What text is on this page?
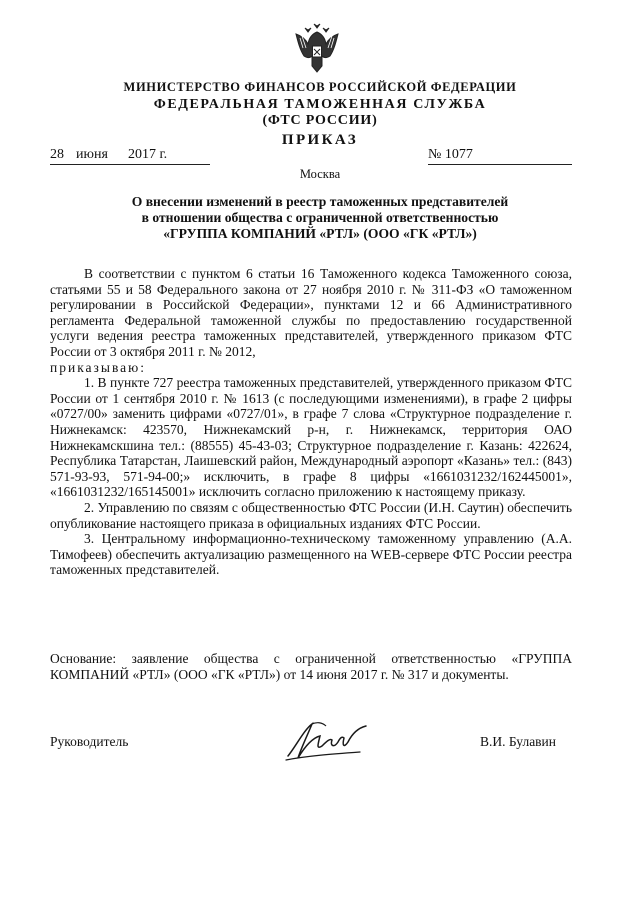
МИНИСТЕРСТВО ФИНАНСОВ РОССИЙСКОЙ ФЕДЕРАЦИИ
ФЕДЕРАЛЬНАЯ ТАМОЖЕННАЯ СЛУЖБА
(ФТС РОССИИ)
ПРИКАЗ
28 июня 2017 г.	№ 1077
Москва
О внесении изменений в реестр таможенных представителей
в отношении общества с ограниченной ответственностью
«ГРУППА КОМПАНИЙ «РТЛ» (ООО «ГК «РТЛ»)

В соответствии с пунктом 6 статьи 16 Таможенного кодекса Таможенного союза, статьями 55 и 58 Федерального закона от 27 ноября 2010 г. № 311-ФЗ «О таможенном регулировании в Российской Федерации», пунктами 12 и 66 Административного регламента Федеральной таможенной службы по предоставлению государственной услуги ведения реестра таможенных представителей, утвержденного приказом ФТС России от 3 октября 2011 г. № 2012,

приказываю:

1. В пункте 727 реестра таможенных представителей, утвержденного приказом ФТС России от 1 сентября 2010 г. № 1613 (с последующими изменениями), в графе 2 цифры «0727/00» заменить цифрами «0727/01», в графе 7 слова «Структурное подразделение г. Нижнекамск: 423570, Нижнекамский р-н, г. Нижнекамск, территория ОАО Нижнекамскшина тел.: (88555) 45-43-03; Структурное подразделение г. Казань: 422624, Республика Татарстан, Лаишевский район, Международный аэропорт «Казань» тел.: (843) 571-93-93, 571-94-00;» исключить, в графе 8 цифры «1661031232/162445001», «1661031232/165145001» исключить согласно приложению к настоящему приказу.

2. Управлению по связям с общественностью ФТС России (И.Н. Саутин) обеспечить опубликование настоящего приказа в официальных изданиях ФТС России.

3. Центральному информационно-техническому таможенному управлению (А.А. Тимофеев) обеспечить актуализацию размещенного на WEB-сервере ФТС России реестра таможенных представителей.

Основание: заявление общества с ограниченной ответственностью «ГРУППА КОМПАНИЙ «РТЛ» (ООО «ГК «РТЛ») от 14 июня 2017 г. № 317 и документы.
Руководитель	В.И. Булавин
